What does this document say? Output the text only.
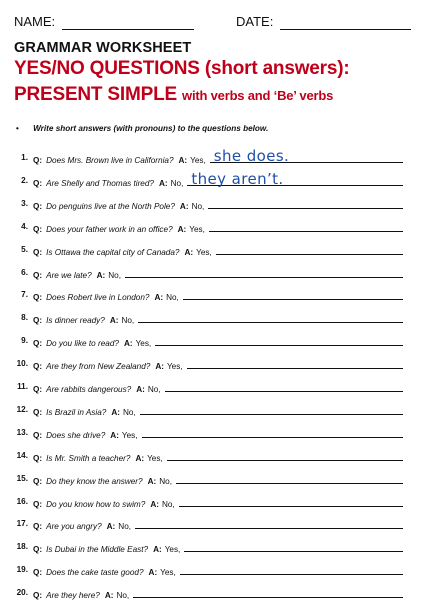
NAME:	DATE:
GRAMMAR WORKSHEET
YES/NO QUESTIONS (short answers):
PRESENT SIMPLE with verbs and ‘Be’ verbs
• Write short answers (with pronouns) to the questions below.
1. Q: Does Mrs. Brown live in California? A: Yes, she does.
2. Q: Are Shelly and Thomas tired? A: No, they aren’t.
3. Q: Do penguins live at the North Pole? A: No,
4. Q: Does your father work in an office? A: Yes,
5. Q: Is Ottawa the capital city of Canada? A: Yes,
6. Q: Are we late? A: No,
7. Q: Does Robert live in London? A: No,
8. Q: Is dinner ready? A: No,
9. Q: Do you like to read? A: Yes,
10. Q: Are they from New Zealand? A: Yes,
11. Q: Are rabbits dangerous? A: No,
12. Q: Is Brazil in Asia? A: No,
13. Q: Does she drive? A: Yes,
14. Q: Is Mr. Smith a teacher? A: Yes,
15. Q: Do they know the answer? A: No,
16. Q: Do you know how to swim? A: No,
17. Q: Are you angry? A: No,
18. Q: Is Dubai in the Middle East? A: Yes,
19. Q: Does the cake taste good? A: Yes,
20. Q: Are they here? A: No,
